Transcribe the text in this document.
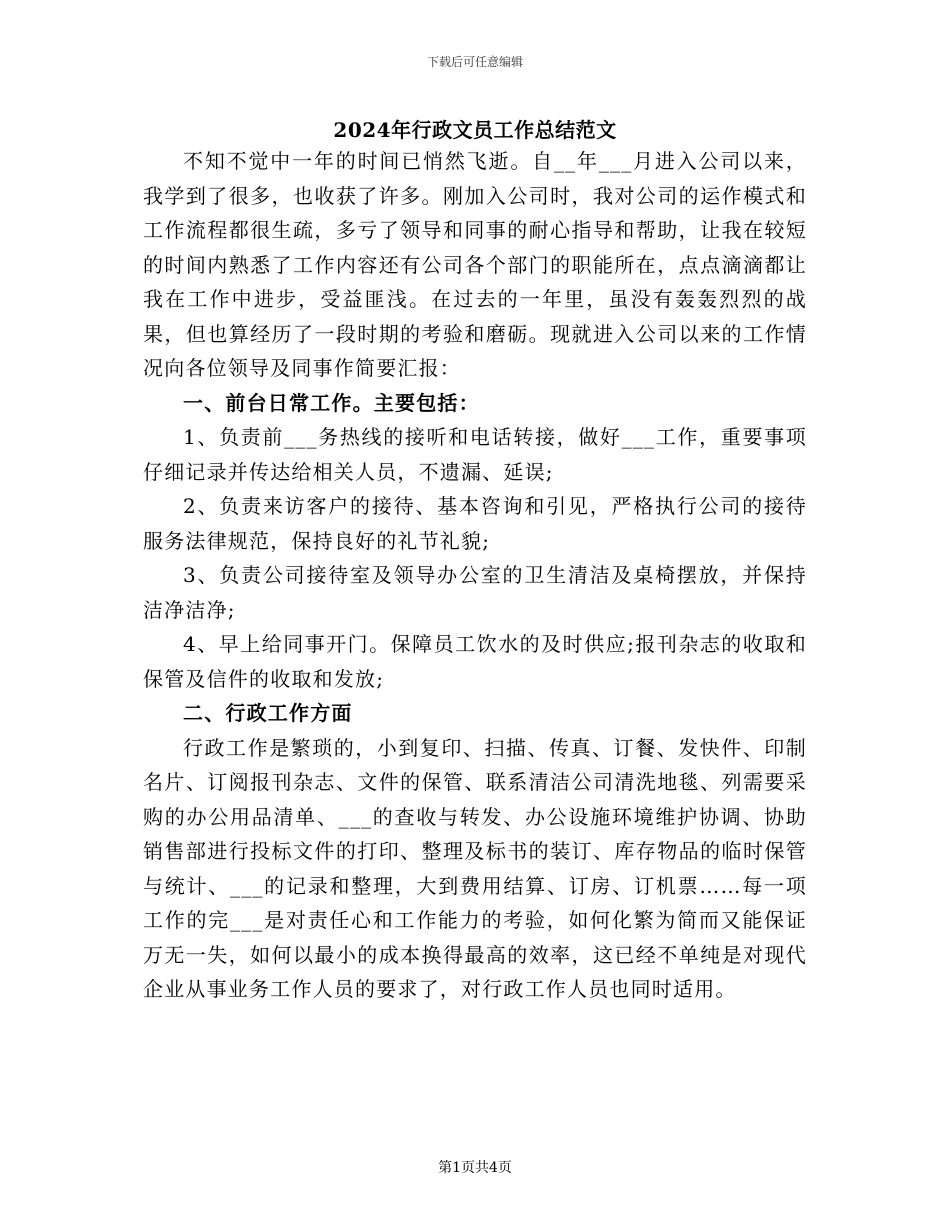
下载后可任意编辑
2024年行政文员工作总结范文

不知不觉中一年的时间已悄然飞逝。自__年___月进入公司以来，我学到了很多，也收获了许多。刚加入公司时，我对公司的运作模式和工作流程都很生疏，多亏了领导和同事的耐心指导和帮助，让我在较短的时间内熟悉了工作内容还有公司各个部门的职能所在，点点滴滴都让我在工作中进步，受益匪浅。在过去的一年里，虽没有轰轰烈烈的战果，但也算经历了一段时期的考验和磨砺。现就进入公司以来的工作情况向各位领导及同事作简要汇报：

一、前台日常工作。主要包括：

1、负责前___务热线的接听和电话转接，做好___工作，重要事项仔细记录并传达给相关人员，不遗漏、延误;

2、负责来访客户的接待、基本咨询和引见，严格执行公司的接待服务法律规范，保持良好的礼节礼貌;

3、负责公司接待室及领导办公室的卫生清洁及桌椅摆放，并保持洁净洁净;

4、早上给同事开门。保障员工饮水的及时供应;报刊杂志的收取和保管及信件的收取和发放;

二、行政工作方面

行政工作是繁琐的，小到复印、扫描、传真、订餐、发快件、印制名片、订阅报刊杂志、文件的保管、联系清洁公司清洗地毯、列需要采购的办公用品清单、___的查收与转发、办公设施环境维护协调、协助销售部进行投标文件的打印、整理及标书的装订、库存物品的临时保管与统计、___的记录和整理，大到费用结算、订房、订机票……每一项工作的完___是对责任心和工作能力的考验，如何化繁为简而又能保证万无一失，如何以最小的成本换得最高的效率，这已经不单纯是对现代企业从事业务工作人员的要求了，对行政工作人员也同时适用。

第1页共4页
